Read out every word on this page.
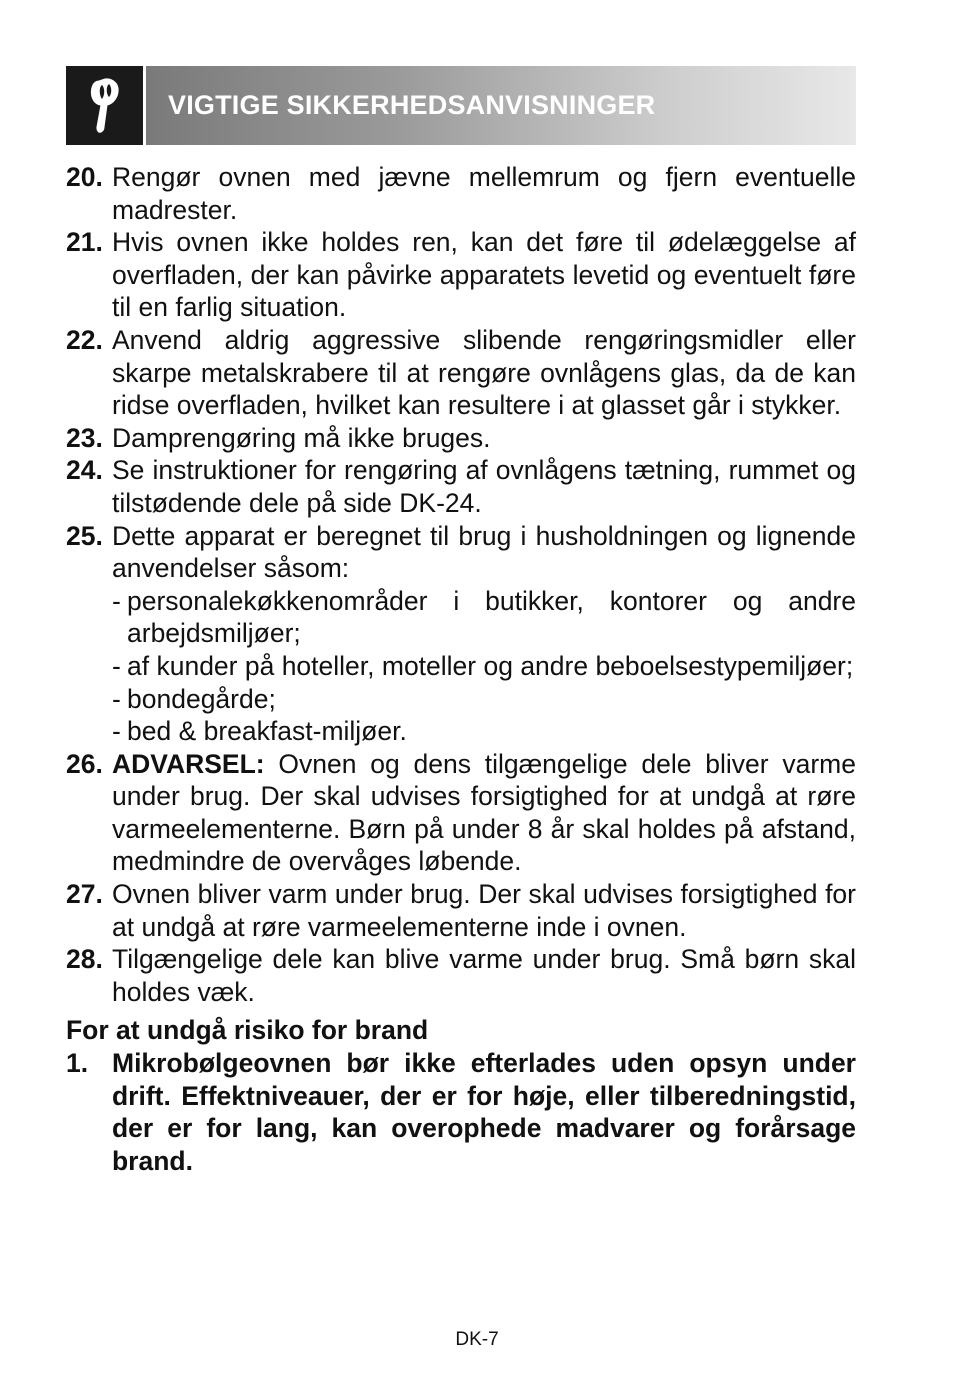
VIGTIGE SIKKERHEDSANVISNINGER
20. Rengør ovnen med jævne mellemrum og fjern eventuelle madrester.
21. Hvis ovnen ikke holdes ren, kan det føre til ødelæggelse af overfladen, der kan påvirke apparatets levetid og eventuelt føre til en farlig situation.
22. Anvend aldrig aggressive slibende rengøringsmidler eller skarpe metalskrabere til at rengøre ovnlågens glas, da de kan ridse overfladen, hvilket kan resultere i at glasset går i stykker.
23. Damprengøring må ikke bruges.
24. Se instruktioner for rengøring af ovnlågens tætning, rummet og tilstødende dele på side DK-24.
25. Dette apparat er beregnet til brug i husholdningen og lignende anvendelser såsom:
- personalekøkkenområder i butikker, kontorer og andre arbejdsmiljøer;
- af kunder på hoteller, moteller og andre beboelsestypemiljøer;
- bondegårde;
- bed & breakfast-miljøer.
26. ADVARSEL: Ovnen og dens tilgængelige dele bliver varme under brug. Der skal udvises forsigtighed for at undgå at røre varmeelementerne. Børn på under 8 år skal holdes på afstand, medmindre de overvåges løbende.
27. Ovnen bliver varm under brug. Der skal udvises forsigtighed for at undgå at røre varmeelementerne inde i ovnen.
28. Tilgængelige dele kan blive varme under brug. Små børn skal holdes væk.
For at undgå risiko for brand
1. Mikrobølgeovnen bør ikke efterlades uden opsyn under drift. Effektniveauer, der er for høje, eller tilberedningstid, der er for lang, kan overophede madvarer og forårsage brand.
DK-7
